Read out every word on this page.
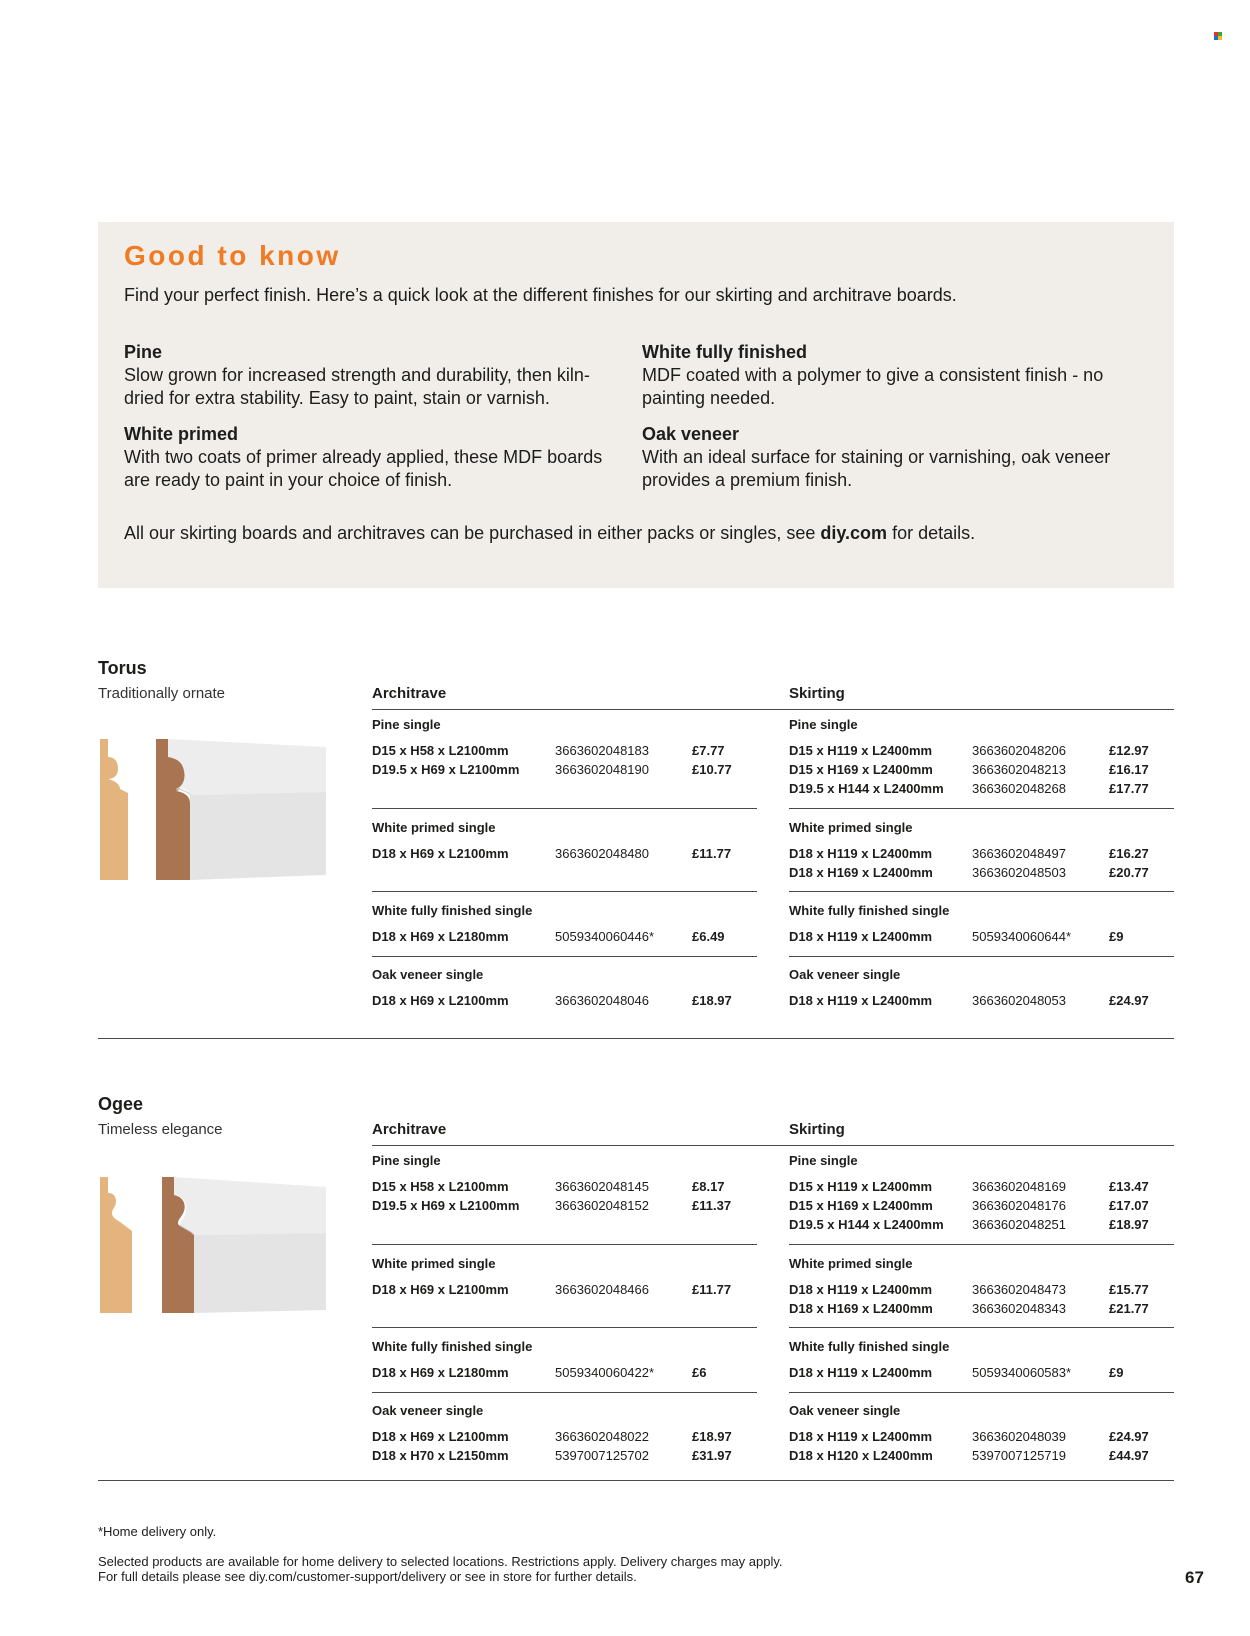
Good to know
Find your perfect finish. Here’s a quick look at the different finishes for our skirting and architrave boards.
Pine
Slow grown for increased strength and durability, then kiln-dried for extra stability. Easy to paint, stain or varnish.
White fully finished
MDF coated with a polymer to give a consistent finish - no painting needed.
White primed
With two coats of primer already applied, these MDF boards are ready to paint in your choice of finish.
Oak veneer
With an ideal surface for staining or varnishing, oak veneer provides a premium finish.
All our skirting boards and architraves can be purchased in either packs or singles, see diy.com for details.
Torus
Traditionally ornate	Architrave	Skirting
Pine single
D15 x H58 x L2100mm	3663602048183	£7.77
D19.5 x H69 x L2100mm	3663602048190	£10.77
White primed single
D18 x H69 x L2100mm	3663602048480	£11.77
White fully finished single
D18 x H69 x L2180mm	5059340060446*	£6.49
Oak veneer single
D18 x H69 x L2100mm	3663602048046	£18.97
Pine single
D15 x H119 x L2400mm	3663602048206	£12.97
D15 x H169 x L2400mm	3663602048213	£16.17
D19.5 x H144 x L2400mm 3663602048268	£17.77
White primed single
D18 x H119 x L2400mm	3663602048497	£16.27
D18 x H169 x L2400mm	3663602048503	£20.77
White fully finished single
D18 x H119 x L2400mm	5059340060644*	£9
Oak veneer single
D18 x H119 x L2400mm	3663602048053	£24.97
Ogee
Timeless elegance	Architrave	Skirting
Pine single
D15 x H58 x L2100mm	3663602048145	£8.17
D19.5 x H69 x L2100mm	3663602048152	£11.37
White primed single
D18 x H69 x L2100mm	3663602048466	£11.77
White fully finished single
D18 x H69 x L2180mm	5059340060422*	£6
Oak veneer single
D18 x H69 x L2100mm	3663602048022	£18.97
D18 x H70 x L2150mm	5397007125702	£31.97
Pine single
D15 x H119 x L2400mm	3663602048169	£13.47
D15 x H169 x L2400mm	3663602048176	£17.07
D19.5 x H144 x L2400mm 3663602048251	£18.97
White primed single
D18 x H119 x L2400mm	3663602048473	£15.77
D18 x H169 x L2400mm	3663602048343	£21.77
White fully finished single
D18 x H119 x L2400mm	5059340060583*	£9
Oak veneer single
D18 x H119 x L2400mm	3663602048039	£24.97
D18 x H120 x L2400mm	5397007125719	£44.97
*Home delivery only.
Selected products are available for home delivery to selected locations. Restrictions apply. Delivery charges may apply.
For full details please see diy.com/customer-support/delivery or see in store for further details.	67
